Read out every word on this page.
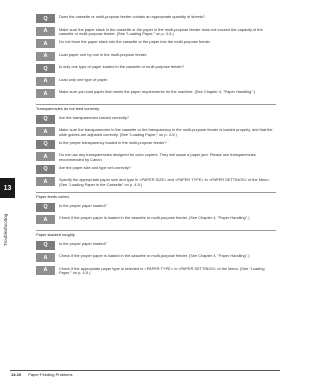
13
Troubleshooting
Q	Does the cassette or multi-purpose feeder contain an appropriate quantity of sheets?
A	Make sure the paper stack in the cassette or the paper in the multi-purpose feeder does not exceed the capacity of the cassette or multi-purpose feeder. (See "Loading Paper," on p. 4-5.)
A	Do not force the paper stack into the cassette or the paper into the multi-purpose feeder.
A	Load paper one by one in the multi-purpose feeder.
Q	Is only one type of paper loaded in the cassette or multi-purpose feeder?
A	Load only one type of paper.
A	Make sure you load paper that meets the paper requirements for the machine. (See Chapter 4, "Paper Handling".)
Transparencies do not feed correctly.
Q	Are the transparencies loaded correctly?
A	Make sure the transparencies in the cassette or the transparency in the multi-purpose feeder is loaded properly, and that the slide guides are adjusted correctly. (See "Loading Paper," on p. 4-5.)
Q	Is the proper transparency loaded in the multi-purpose feeder?
A	Do not use any transparencies designed for color copiers. They will cause a paper jam. Please use transparencies recommended by Canon.
Q	Are the paper size and type set correctly?
A	Specify the appropriate paper size and type in <PAPER SIZE> and <PAPER TYPE> in <PAPER SETTINGS> of the Menu. (See "Loading Paper in the Cassette" on p. 4-5.)
Paper feeds curled.
Q	Is the proper paper loaded?
A	Check if the proper paper is loaded in the cassette or multi-purpose feeder. (See Chapter 4, "Paper Handling".)
Paper stacked roughly.
Q	Is the proper paper loaded?
A	Check if the proper paper is loaded in the cassette or multi-purpose feeder. (See Chapter 4, "Paper Handling".)
A	Check if the appropriate paper type is selected in <PAPER TYPE> in <PAPER SETTINGS> of the Menu. (See "Loading Paper," on p. 4-5.)
13-10 Paper Feeding Problems
